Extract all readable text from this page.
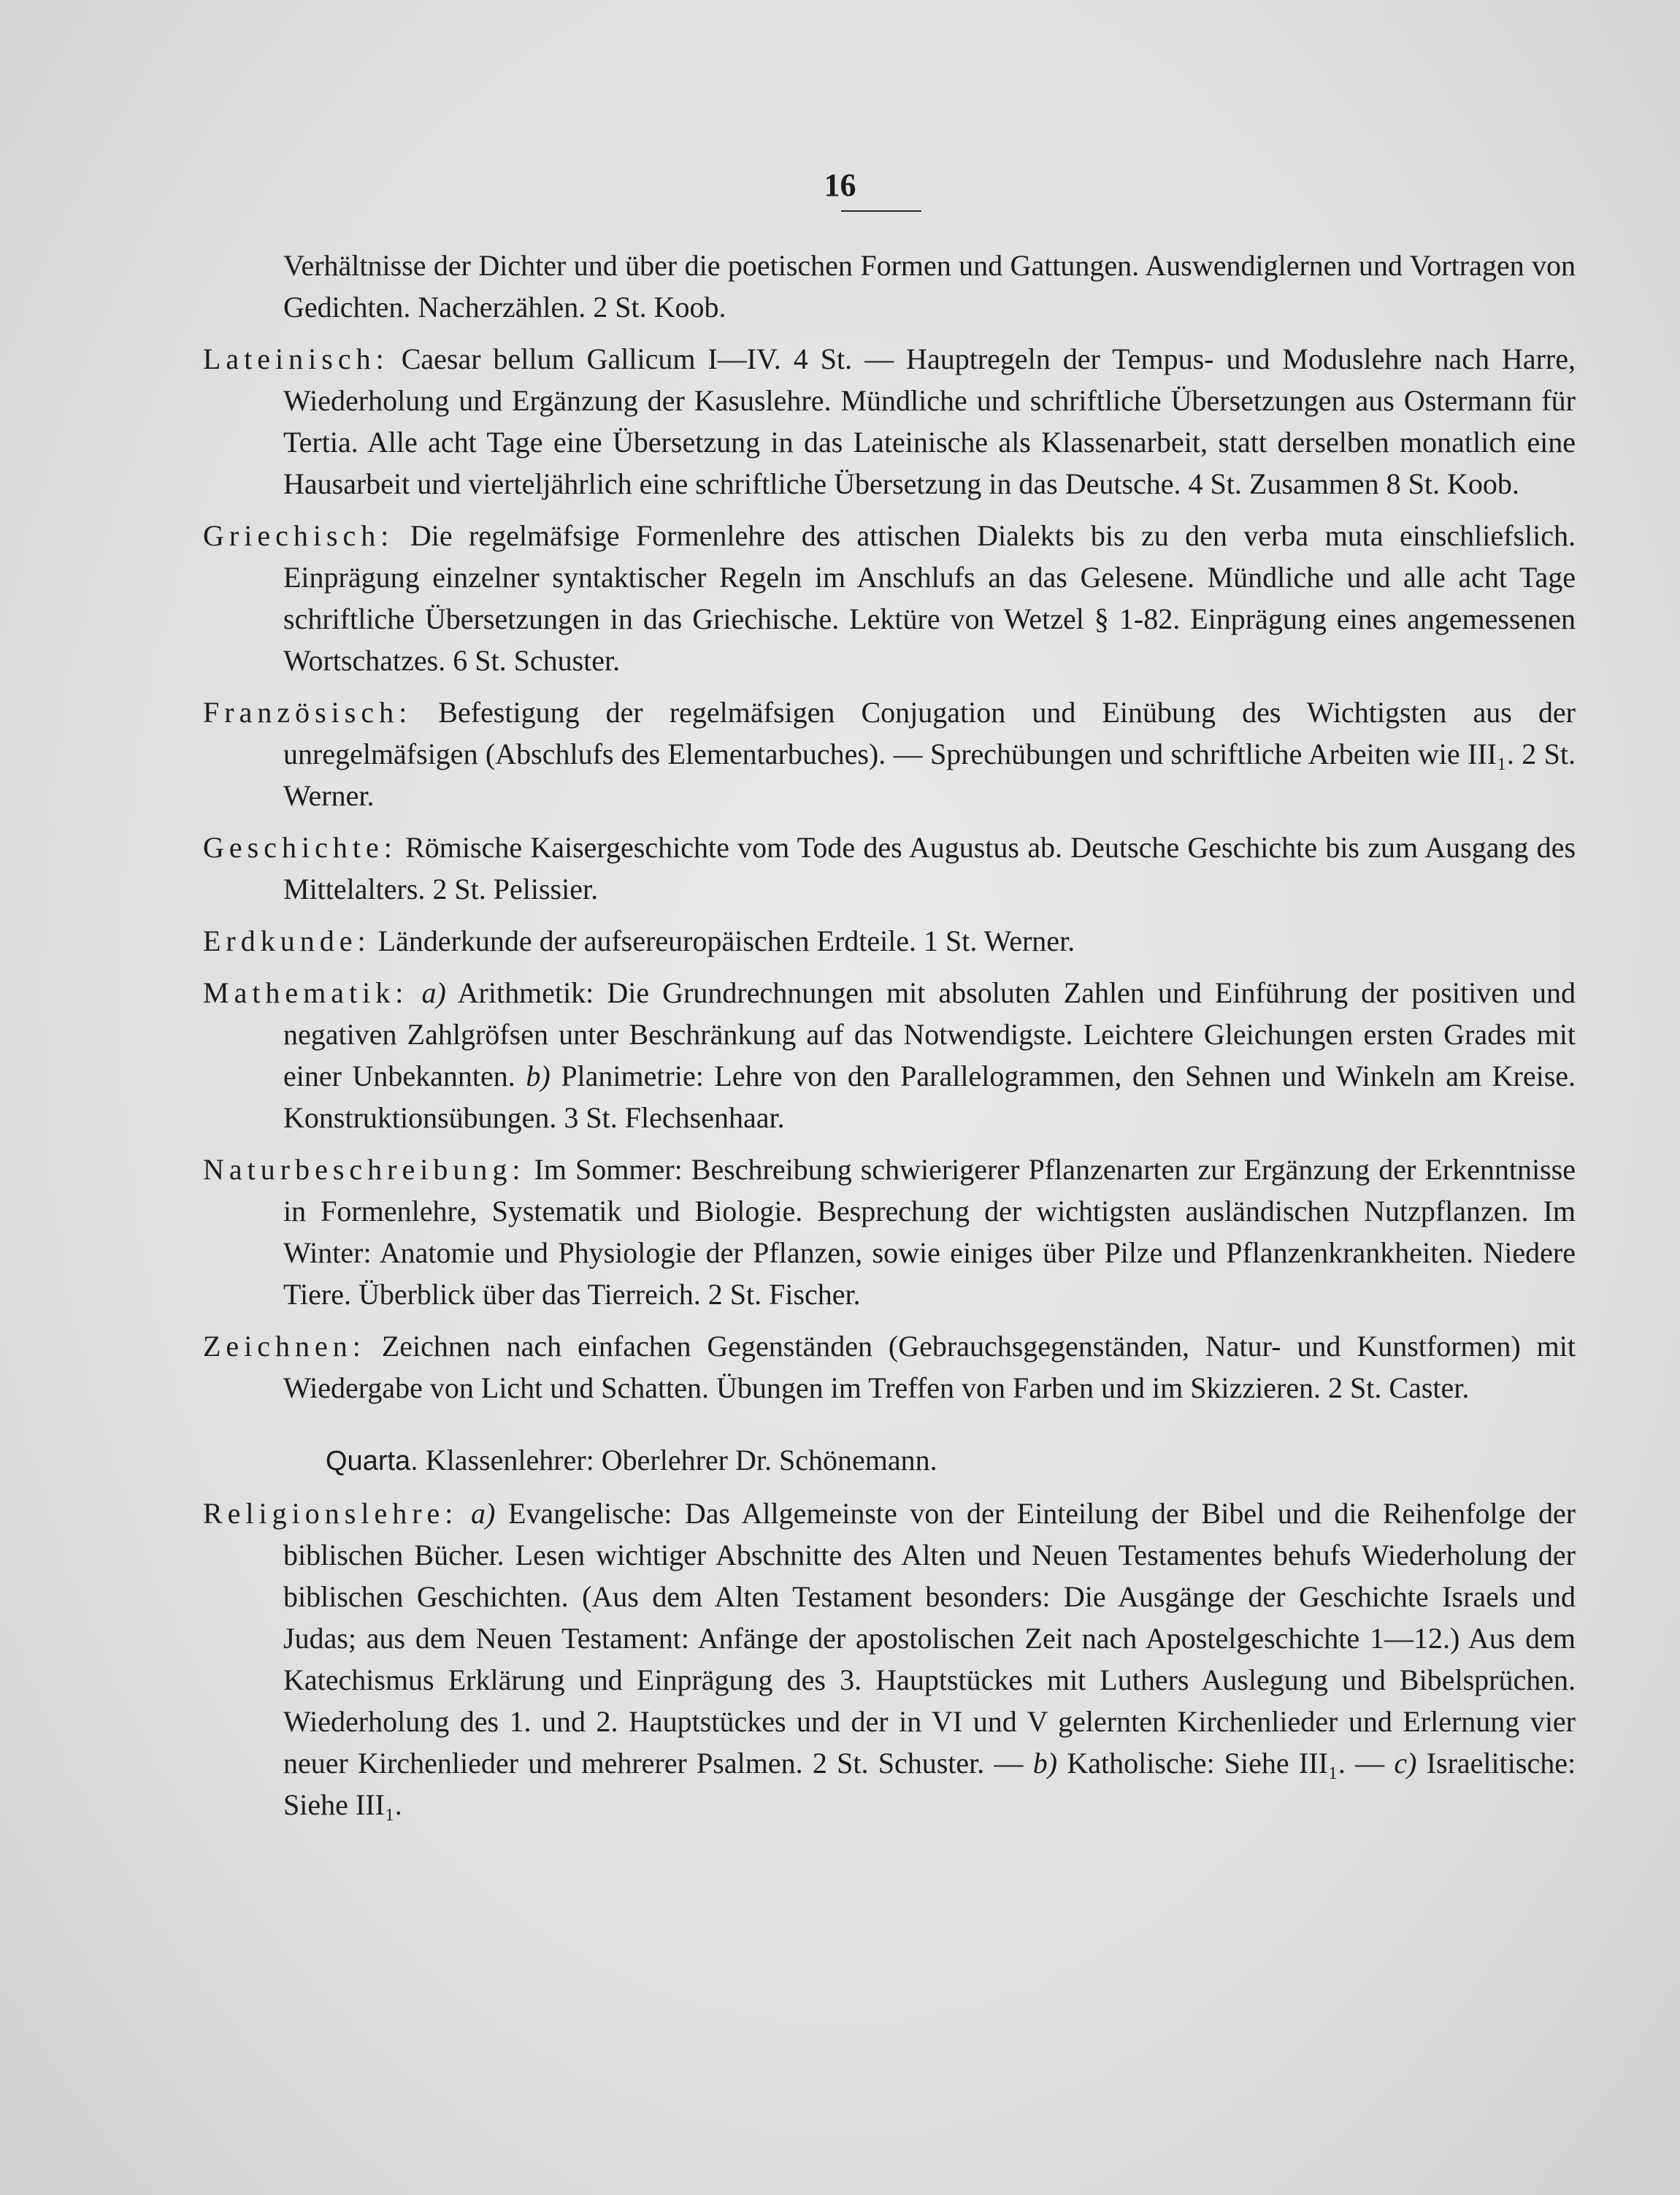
16

Verhältnisse der Dichter und über die poetischen Formen und Gattungen. Auswendiglernen und Vortragen von Gedichten. Nacherzählen. 2 St. Koob.

Lateinisch: Caesar bellum Gallicum I—IV. 4 St. — Hauptregeln der Tempus- und Moduslehre nach Harre, Wiederholung und Ergänzung der Kasuslehre. Mündliche und schriftliche Übersetzungen aus Ostermann für Tertia. Alle acht Tage eine Übersetzung in das Lateinische als Klassenarbeit, statt derselben monatlich eine Hausarbeit und vierteljährlich eine schriftliche Übersetzung in das Deutsche. 4 St. Zusammen 8 St. Koob.

Griechisch: Die regelmäfsige Formenlehre des attischen Dialekts bis zu den verba muta einschliefslich. Einprägung einzelner syntaktischer Regeln im Anschlufs an das Gelesene. Mündliche und alle acht Tage schriftliche Übersetzungen in das Griechische. Lektüre von Wetzel § 1-82. Einprägung eines angemessenen Wortschatzes. 6 St. Schuster.

Französisch: Befestigung der regelmäfsigen Conjugation und Einübung des Wichtigsten aus der unregelmäfsigen (Abschlufs des Elementarbuches). — Sprechübungen und schriftliche Arbeiten wie III₁. 2 St. Werner.

Geschichte: Römische Kaisergeschichte vom Tode des Augustus ab. Deutsche Geschichte bis zum Ausgang des Mittelalters. 2 St. Pelissier.

Erdkunde: Länderkunde der aufsereuropäischen Erdteile. 1 St. Werner.

Mathematik: a) Arithmetik: Die Grundrechnungen mit absoluten Zahlen und Einführung der positiven und negativen Zahlgröfsen unter Beschränkung auf das Notwendigste. Leichtere Gleichungen ersten Grades mit einer Unbekannten. b) Planimetrie: Lehre von den Parallelogrammen, den Sehnen und Winkeln am Kreise. Konstruktionsübungen. 3 St. Flechsenhaar.

Naturbeschreibung: Im Sommer: Beschreibung schwierigerer Pflanzenarten zur Ergänzung der Erkenntnisse in Formenlehre, Systematik und Biologie. Besprechung der wichtigsten ausländischen Nutzpflanzen. Im Winter: Anatomie und Physiologie der Pflanzen, sowie einiges über Pilze und Pflanzenkrankheiten. Niedere Tiere. Überblick über das Tierreich. 2 St. Fischer.

Zeichnen: Zeichnen nach einfachen Gegenständen (Gebrauchsgegenständen, Natur- und Kunstformen) mit Wiedergabe von Licht und Schatten. Übungen im Treffen von Farben und im Skizzieren. 2 St. Caster.

Quarta. Klassenlehrer: Oberlehrer Dr. Schönemann.

Religionslehre: a) Evangelische: Das Allgemeinste von der Einteilung der Bibel und die Reihenfolge der biblischen Bücher. Lesen wichtiger Abschnitte des Alten und Neuen Testamentes behufs Wiederholung der biblischen Geschichten. (Aus dem Alten Testament besonders: Die Ausgänge der Geschichte Israels und Judas; aus dem Neuen Testament: Anfänge der apostolischen Zeit nach Apostelgeschichte 1—12.) Aus dem Katechismus Erklärung und Einprägung des 3. Hauptstückes mit Luthers Auslegung und Bibelsprüchen. Wiederholung des 1. und 2. Hauptstückes und der in VI und V gelernten Kirchenlieder und Erlernung vier neuer Kirchenlieder und mehrerer Psalmen. 2 St. Schuster. — b) Katholische: Siehe III₁. — c) Israelitische: Siehe III₁.
